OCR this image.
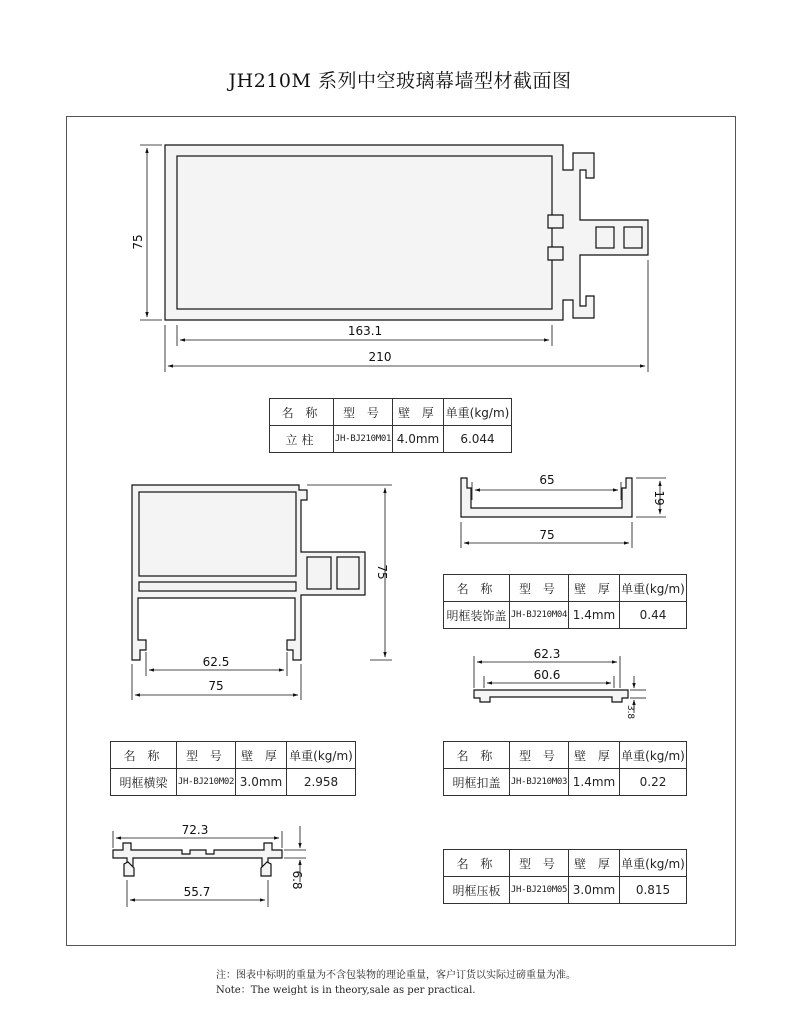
JH210M 系列中空玻璃幕墙型材截面图
75
163.1
210
75
62.5
75
65
75
19
62.3
60.6
3.8
72.3
55.7
6.8
名 称	型 号	壁 厚	单重(kg/m)
立柱	JH-BJ210M01	4.0mm	6.044
名 称	型 号	壁 厚	单重(kg/m)
明框装饰盖	JH-BJ210M04	1.4mm	0.44
名 称	型 号	壁 厚	单重(kg/m)
明框横梁	JH-BJ210M02	3.0mm	2.958
名 称	型 号	壁 厚	单重(kg/m)
明框扣盖	JH-BJ210M03	1.4mm	0.22
名 称	型 号	壁 厚	单重(kg/m)
明框压板	JH-BJ210M05	3.0mm	0.815
注：图表中标明的重量为不含包装物的理论重量，客户订货以实际过磅重量为准。
Note：The weight is in theory,sale as per practical.
